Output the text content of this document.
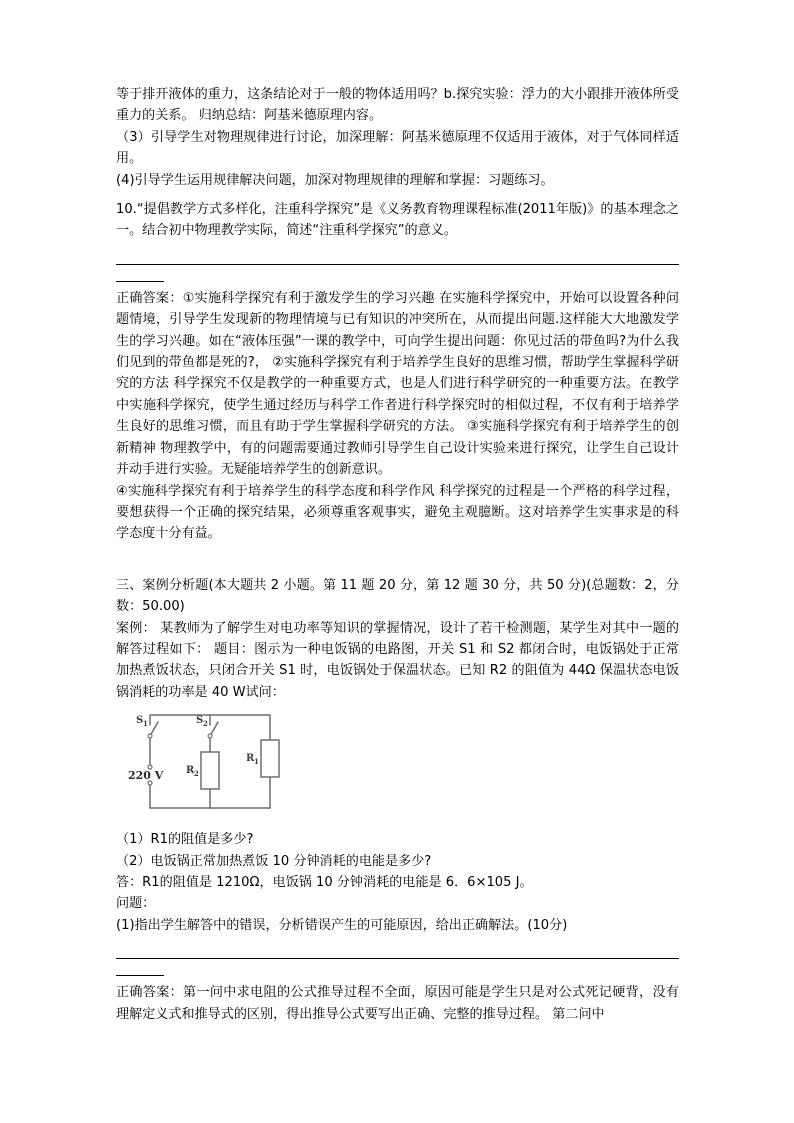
等于排开液体的重力，这条结论对于一般的物体适用吗？b.探究实验：浮力的大小跟排开液体所受重力的关系。 归纳总结：阿基米德原理内容。

（3）引导学生对物理规律进行讨论，加深理解：阿基米德原理不仅适用于液体，对于气体同样适用。

(4)引导学生运用规律解决问题，加深对物理规律的理解和掌握：习题练习。

10.“提倡教学方式多样化，注重科学探究”是《义务教育物理课程标准(2011年版)》的基本理念之一。结合初中物理教学实际，简述“注重科学探究”的意义。

正确答案：①实施科学探究有利于激发学生的学习兴趣 在实施科学探究中，开始可以设置各种问题情境，引导学生发现新的物理情境与已有知识的冲突所在，从而提出问题.这样能大大地激发学生的学习兴趣。如在“液体压强”一课的教学中，可向学生提出问题：你见过活的带鱼吗?为什么我们见到的带鱼都是死的?， ②实施科学探究有利于培养学生良好的思维习惯，帮助学生掌握科学研究的方法 科学探究不仅是教学的一种重要方式，也是人们进行科学研究的一种重要方法。在教学中实施科学探究，使学生通过经历与科学工作者进行科学探究时的相似过程，不仅有利于培养学生良好的思维习惯，而且有助于学生掌握科学研究的方法。 ③实施科学探究有利于培养学生的创新精神 物理教学中，有的问题需要通过教师引导学生自己设计实验来进行探究，让学生自己设计并动手进行实验。无疑能培养学生的创新意识。

④实施科学探究有利于培养学生的科学态度和科学作风 科学探究的过程是一个严格的科学过程，要想获得一个正确的探究结果，必须尊重客观事实，避免主观臆断。这对培养学生实事求是的科学态度十分有益。

三、案例分析题(本大题共 2 小题。第 11 题 20 分，第 12 题 30 分，共 50 分)(总题数：2，分数：50.00)

案例： 某教师为了解学生对电功率等知识的掌握情况，设计了若干检测题，某学生对其中一题的解答过程如下： 题目：图示为一种电饭锅的电路图，开关 S1 和 S2 都闭合时，电饭锅处于正常加热煮饭状态，只闭合开关 S1 时，电饭锅处于保温状态。已知 R2 的阻值为 44Ω 保温状态电饭锅消耗的功率是 40 W试问：

S 1	S 2
R 2
R 1
220 V

（1）R1的阻值是多少?

（2）电饭锅正常加热煮饭 10 分钟消耗的电能是多少?

答：R1的阻值是 1210Ω，电饭锅 10 分钟消耗的电能是 6．6×105 J。

问题：

(1)指出学生解答中的错误，分析错误产生的可能原因，给出正确解法。(10分)

正确答案：第一问中求电阻的公式推导过程不全面，原因可能是学生只是对公式死记硬背，没有理解定义式和推导式的区别，得出推导公式要写出正确、完整的推导过程。 第二问中
